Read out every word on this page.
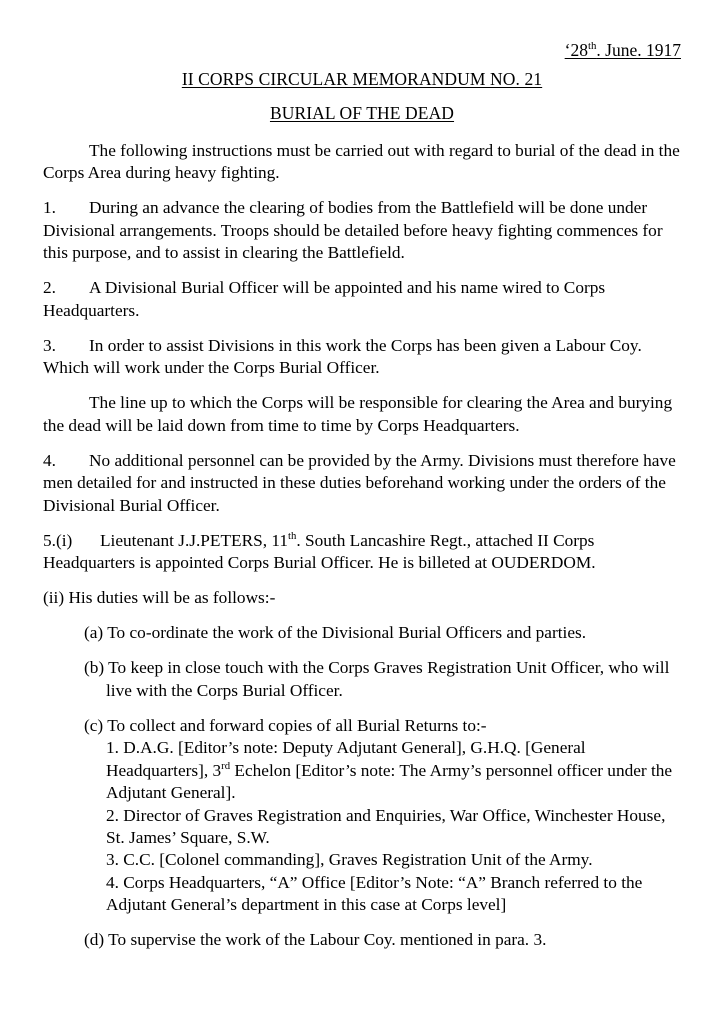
‘28th. June. 1917
II CORPS CIRCULAR MEMORANDUM NO. 21
BURIAL OF THE DEAD

The following instructions must be carried out with regard to burial of the dead in the Corps Area during heavy fighting.

1. During an advance the clearing of bodies from the Battlefield will be done under Divisional arrangements. Troops should be detailed before heavy fighting commences for this purpose, and to assist in clearing the Battlefield.

2. A Divisional Burial Officer will be appointed and his name wired to Corps Headquarters.

3. In order to assist Divisions in this work the Corps has been given a Labour Coy. Which will work under the Corps Burial Officer.

The line up to which the Corps will be responsible for clearing the Area and burying the dead will be laid down from time to time by Corps Headquarters.

4. No additional personnel can be provided by the Army. Divisions must therefore have men detailed for and instructed in these duties beforehand working under the orders of the Divisional Burial Officer.

5.(i) Lieutenant J.J.PETERS, 11th. South Lancashire Regt., attached II Corps Headquarters is appointed Corps Burial Officer. He is billeted at OUDERDOM.

(ii) His duties will be as follows:-

(a) To co-ordinate the work of the Divisional Burial Officers and parties.

(b) To keep in close touch with the Corps Graves Registration Unit Officer, who will live with the Corps Burial Officer.

(c) To collect and forward copies of all Burial Returns to:-

1. D.A.G. [Editor’s note: Deputy Adjutant General], G.H.Q. [General Headquarters], 3rd Echelon [Editor’s note: The Army’s personnel officer under the Adjutant General].

2. Director of Graves Registration and Enquiries, War Office, Winchester House, St. James’ Square, S.W.

3. C.C. [Colonel commanding], Graves Registration Unit of the Army.

4. Corps Headquarters, “A” Office [Editor’s Note: “A” Branch referred to the Adjutant General’s department in this case at Corps level]

(d) To supervise the work of the Labour Coy. mentioned in para. 3.
